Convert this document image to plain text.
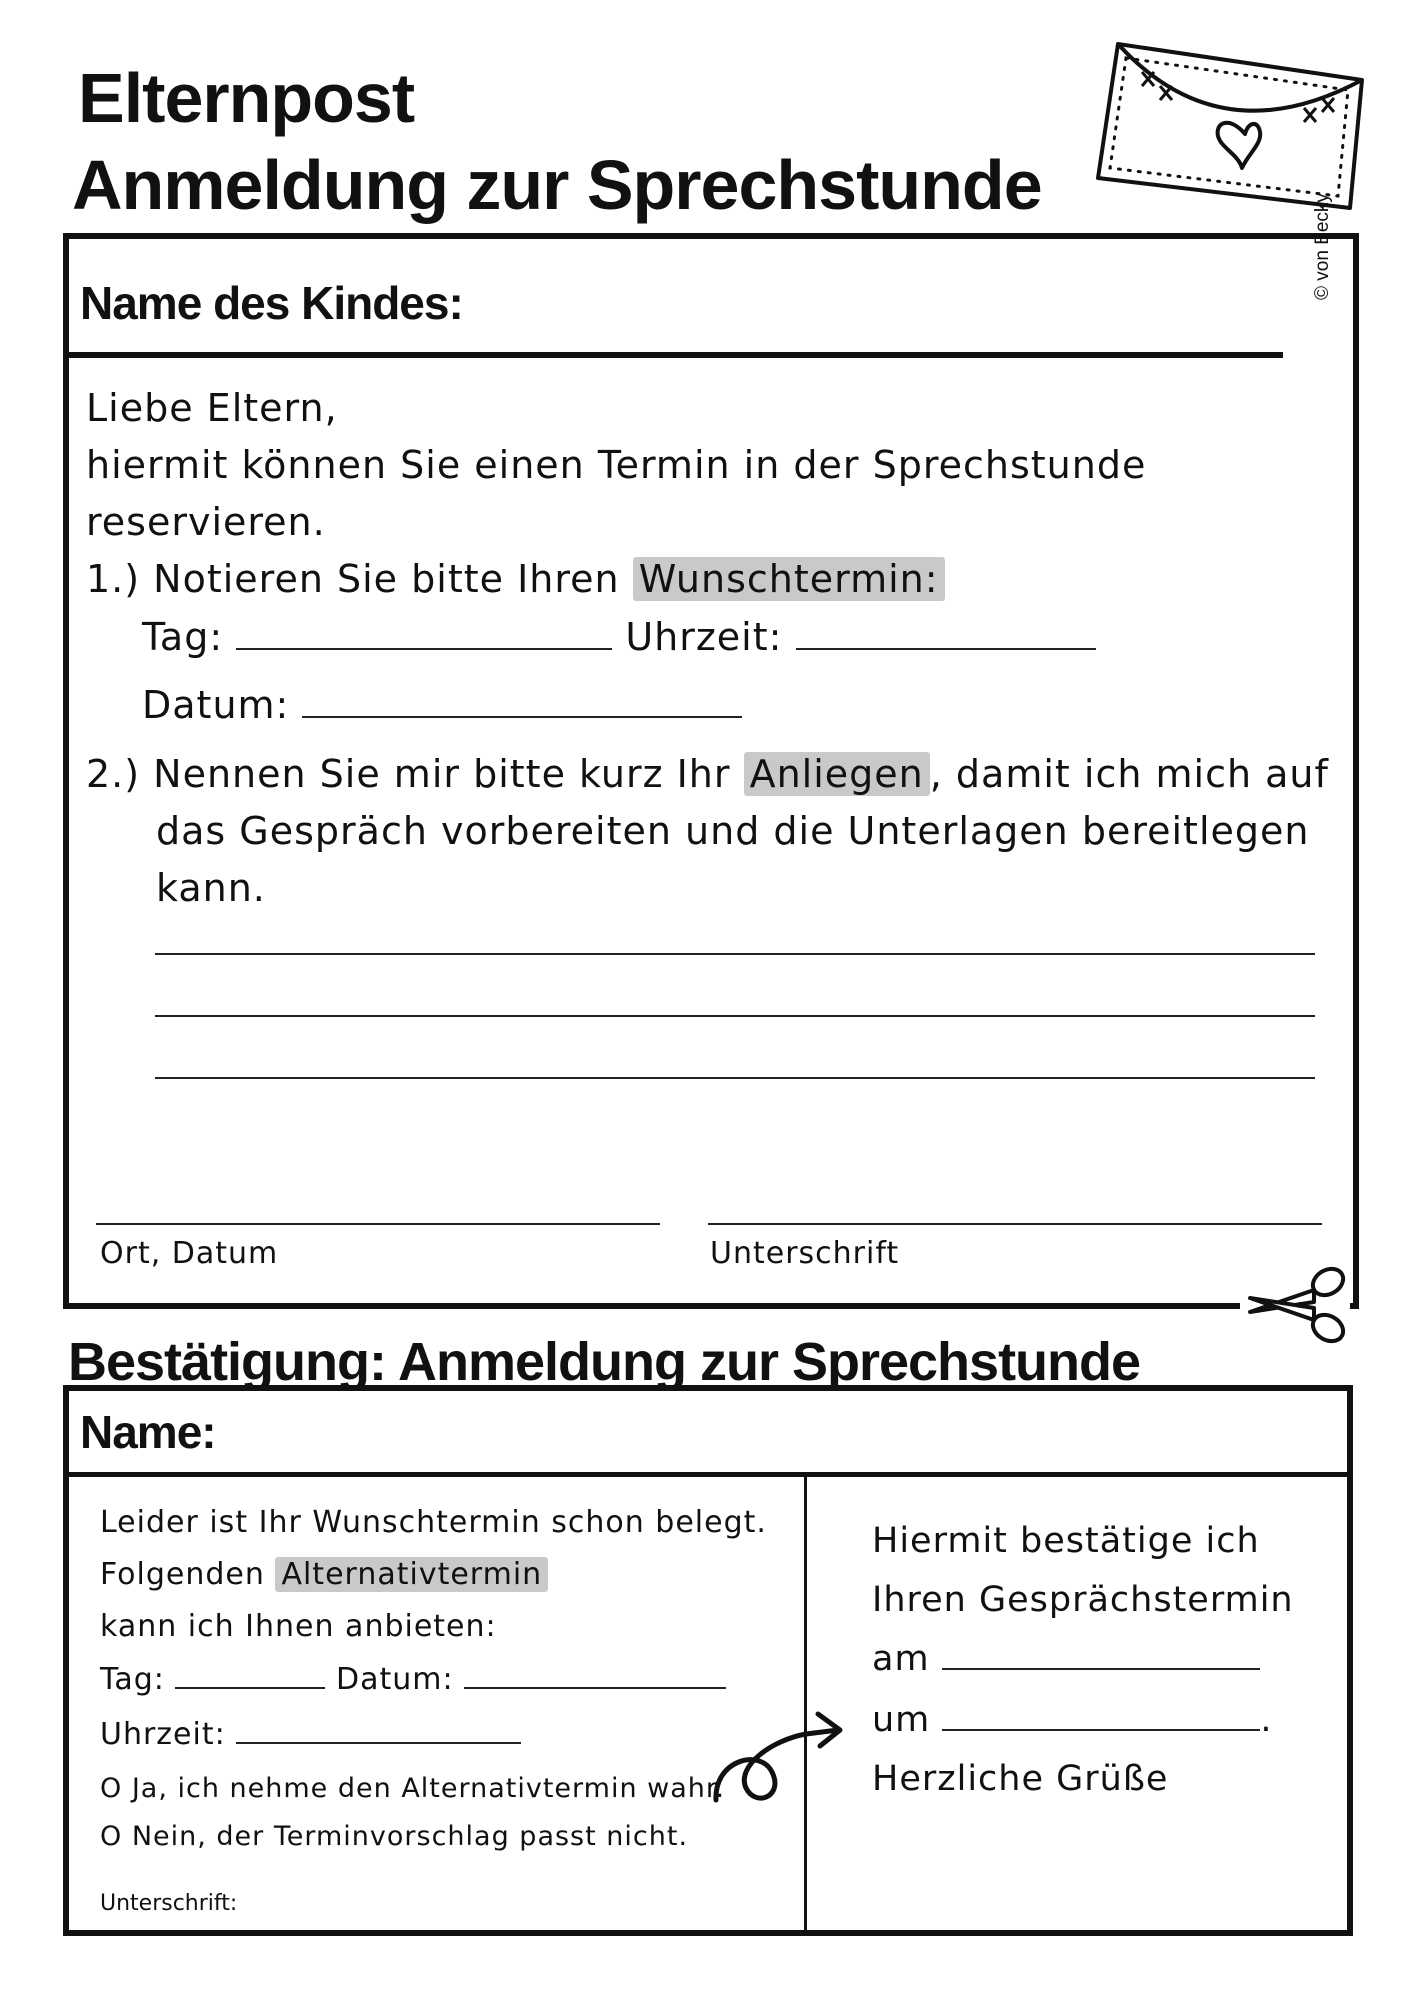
Elternpost
Anmeldung zur Sprechstunde
Name des Kindes:
© von Becky
Liebe Eltern,
hiermit können Sie einen Termin in der Sprechstunde
reservieren.
1.) Notieren Sie bitte Ihren Wunschtermin:
Tag:	Uhrzeit:
Datum:
2.) Nennen Sie mir bitte kurz Ihr Anliegen , damit ich mich auf
das Gespräch vorbereiten und die Unterlagen bereitlegen
kann.
Ort, Datum	Unterschrift
Bestätigung: Anmeldung zur Sprechstunde
Name:
Leider ist Ihr Wunschtermin schon belegt.
Folgenden Alternativtermin
kann ich Ihnen anbieten:
Tag:	Datum:
Uhrzeit:
O Ja, ich nehme den Alternativtermin wahr.
O Nein, der Terminvorschlag passt nicht.
Unterschrift:
Hiermit bestätige ich
Ihren Gesprächstermin
am
um	.
Herzliche Grüße
